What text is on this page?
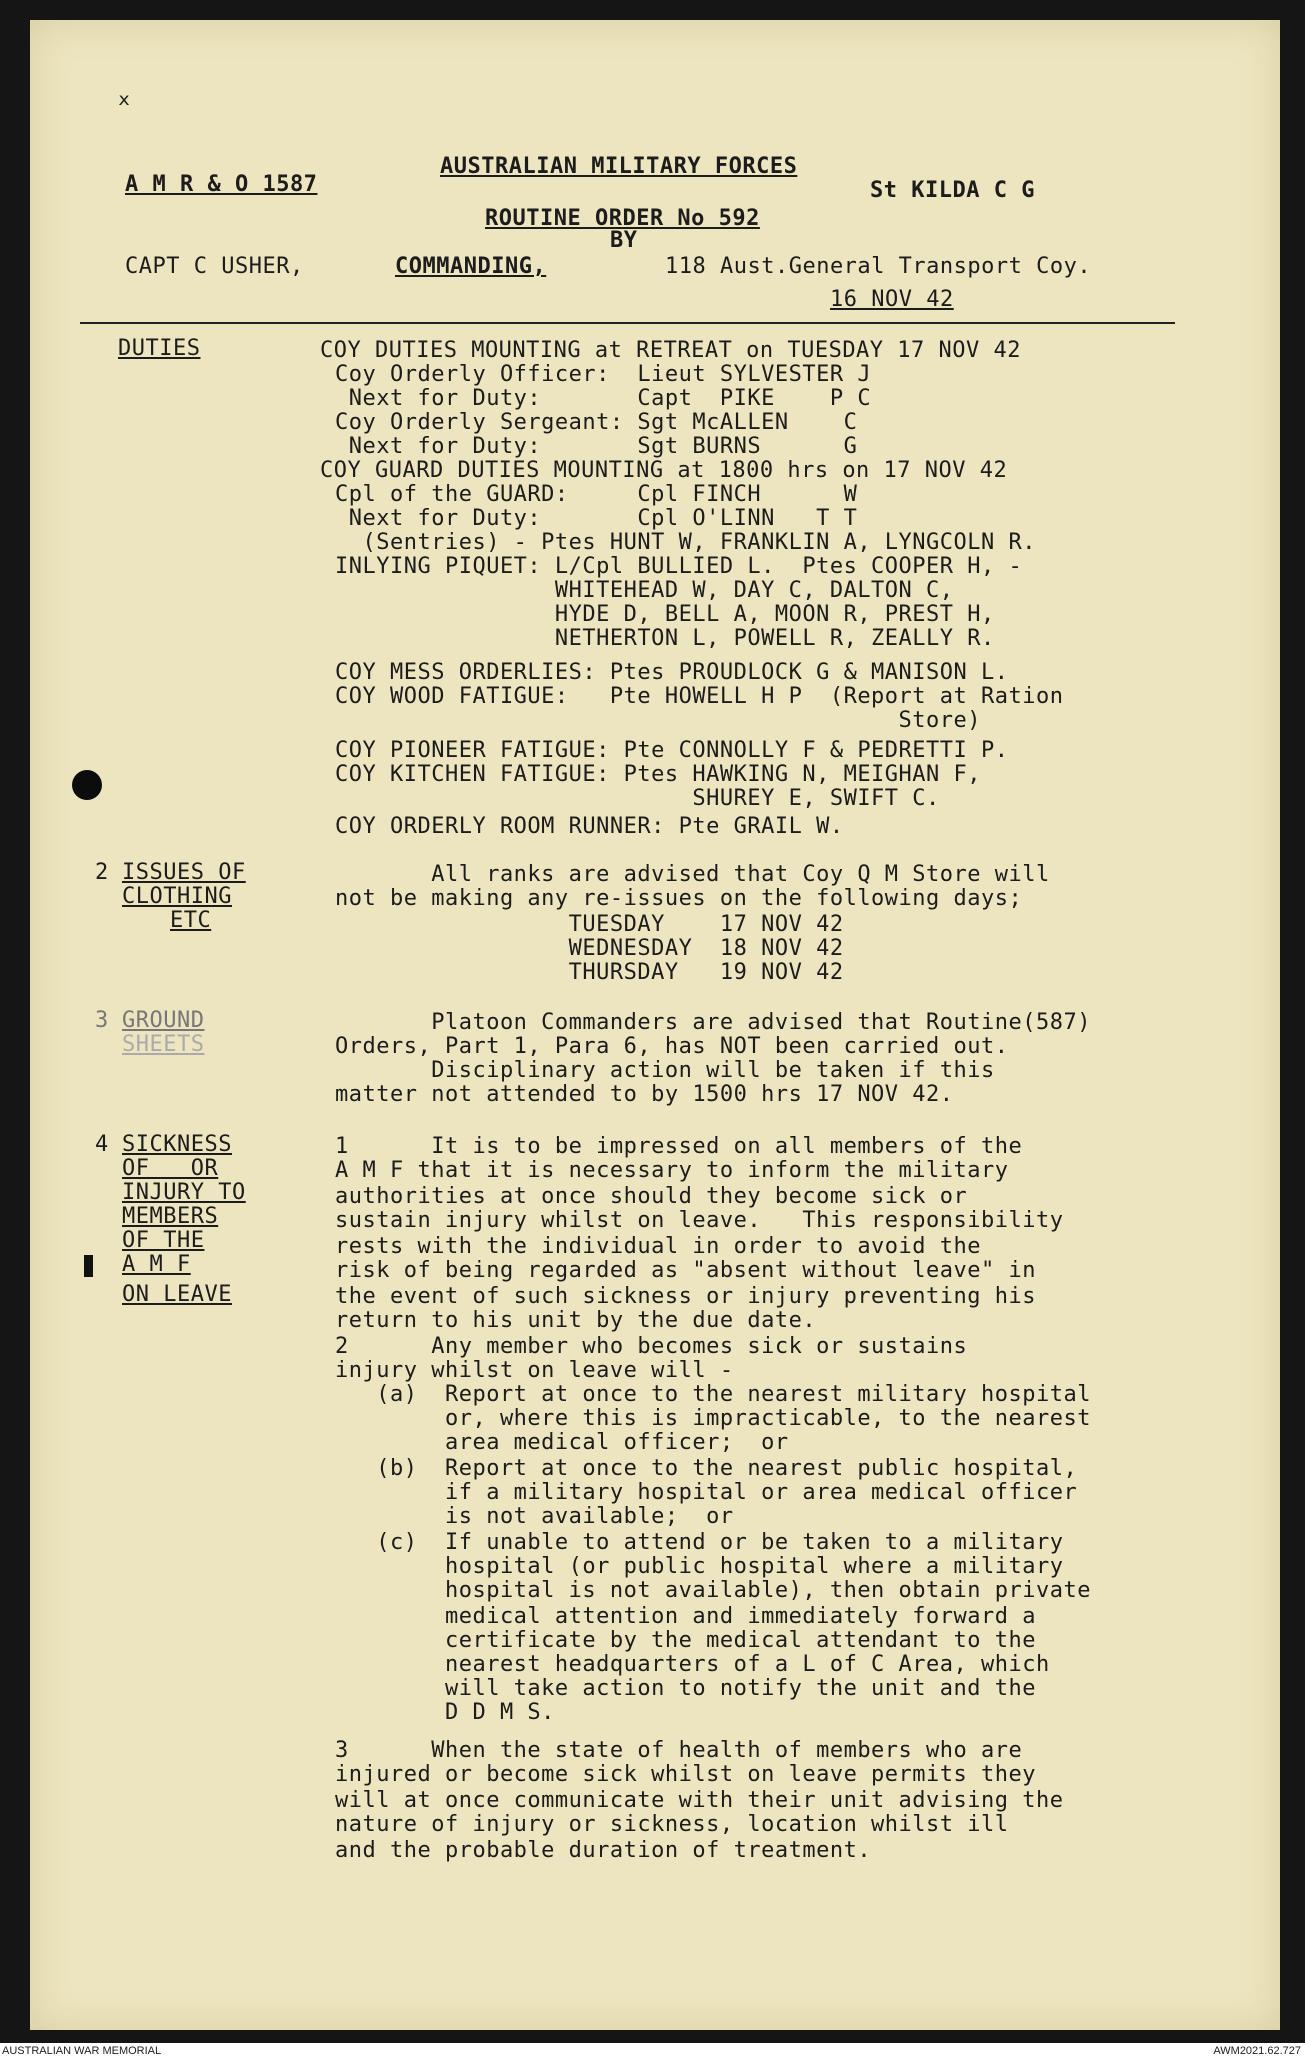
ₓ
A M R & O 1587
AUSTRALIAN MILITARY FORCES
St KILDA C G
ROUTINE ORDER No 592
BY
CAPT C USHER,	COMMANDING,	118 Aust.General Transport Coy.
16 NOV 42
DUTIES	COY DUTIES MOUNTING at RETREAT on TUESDAY 17 NOV 42
Coy Orderly Officer:  Lieut SYLVESTER J
Next for Duty:       Capt  PIKE    P C
Coy Orderly Sergeant: Sgt McALLEN    C
Next for Duty:       Sgt BURNS      G
COY GUARD DUTIES MOUNTING at 1800 hrs on 17 NOV 42
Cpl of the GUARD:     Cpl FINCH      W
Next for Duty:       Cpl O'LINN   T T
(Sentries) - Ptes HUNT W, FRANKLIN A, LYNGCOLN R.
INLYING PIQUET: L/Cpl BULLIED L.  Ptes COOPER H, -
WHITEHEAD W, DAY C, DALTON C,
HYDE D, BELL A, MOON R, PREST H,
NETHERTON L, POWELL R, ZEALLY R.
COY MESS ORDERLIES: Ptes PROUDLOCK G & MANISON L.
COY WOOD FATIGUE:   Pte HOWELL H P  (Report at Ration
Store)
COY PIONEER FATIGUE: Pte CONNOLLY F & PEDRETTI P.
COY KITCHEN FATIGUE: Ptes HAWKING N, MEIGHAN F,
SHUREY E, SWIFT C.
COY ORDERLY ROOM RUNNER: Pte GRAIL W.
2 ISSUES OF
CLOTHING
ETC
All ranks are advised that Coy Q M Store will
not be making any re-issues on the following days;
TUESDAY    17 NOV 42
WEDNESDAY  18 NOV 42
THURSDAY   19 NOV 42
3 GROUND
SHEETS
Platoon Commanders are advised that Routine(587)
Orders, Part 1, Para 6, has NOT been carried out.
Disciplinary action will be taken if this
matter not attended to by 1500 hrs 17 NOV 42.
4 SICKNESS
OF   OR
INJURY TO
MEMBERS
OF THE
A M F
ON LEAVE
1      It is to be impressed on all members of the
A M F that it is necessary to inform the military
authorities at once should they become sick or
sustain injury whilst on leave.   This responsibility
rests with the individual in order to avoid the
risk of being regarded as "absent without leave" in
the event of such sickness or injury preventing his
return to his unit by the due date.
2      Any member who becomes sick or sustains
injury whilst on leave will -
(a)  Report at once to the nearest military hospital
or, where this is impracticable, to the nearest
area medical officer;  or
(b)  Report at once to the nearest public hospital,
if a military hospital or area medical officer
is not available;  or
(c)  If unable to attend or be taken to a military
hospital (or public hospital where a military
hospital is not available), then obtain private
medical attention and immediately forward a
certificate by the medical attendant to the
nearest headquarters of a L of C Area, which
will take action to notify the unit and the
D D M S.
3      When the state of health of members who are
injured or become sick whilst on leave permits they
will at once communicate with their unit advising the
nature of injury or sickness, location whilst ill
and the probable duration of treatment.
AUSTRALIAN WAR MEMORIAL	AWM2021.62.727
